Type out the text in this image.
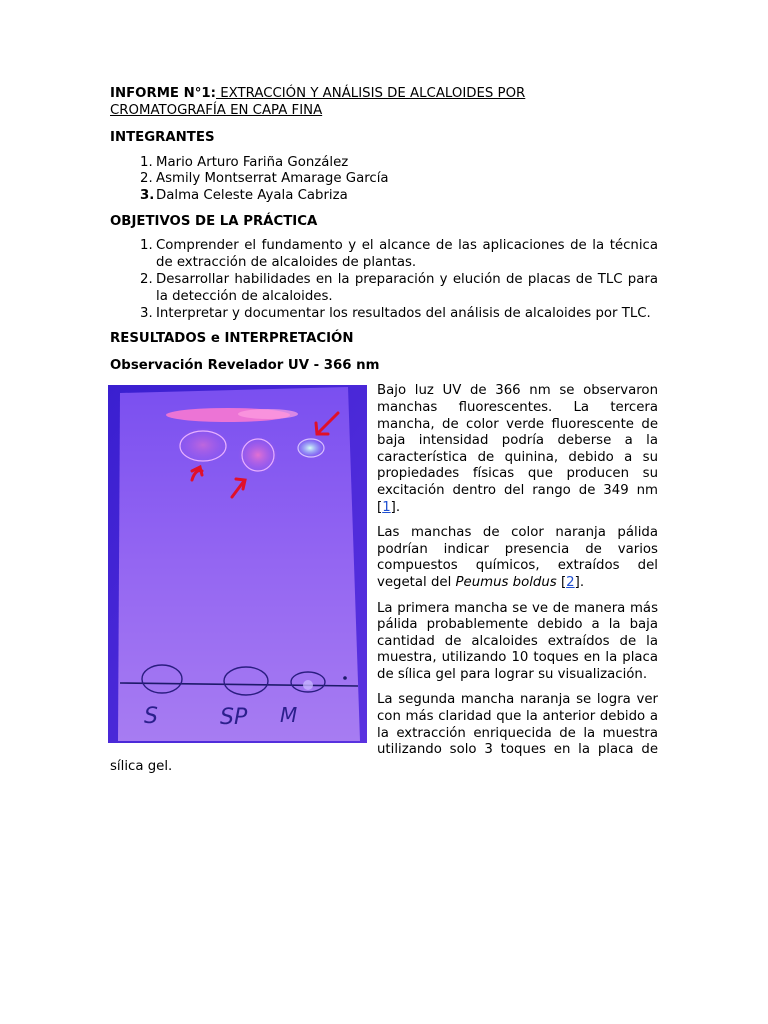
INFORME N°1: EXTRACCIÓN Y ANÁLISIS DE ALCALOIDES POR
CROMATOGRAFÍA EN CAPA FINA

INTEGRANTES
1. Mario Arturo Fariña González
2. Asmily Montserrat Amarage García
3. Dalma Celeste Ayala Cabriza
OBJETIVOS DE LA PRÁCTICA
1. Comprender el fundamento y el alcance de las aplicaciones de la técnica de extracción de alcaloides de plantas.
2. Desarrollar habilidades en la preparación y elución de placas de TLC para la detección de alcaloides.
3. Interpretar y documentar los resultados del análisis de alcaloides por TLC.
RESULTADOS e INTERPRETACIÓN
Observación Revelador UV - 366 nm
S	SP M

Bajo luz UV de 366 nm se observaron manchas fluorescentes. La tercera mancha, de color verde fluorescente de baja intensidad podría deberse a la característica de quinina, debido a su propiedades físicas que producen su excitación dentro del rango de 349 nm [1].

Las manchas de color naranja pálida podrían indicar presencia de varios compuestos químicos, extraídos del vegetal del Peumus boldus [2].

La primera mancha se ve de manera más pálida probablemente debido a la baja cantidad de alcaloides extraídos de la muestra, utilizando 10 toques en la placa de sílica gel para lograr su visualización.

La segunda mancha naranja se logra ver con más claridad que la anterior debido a la extracción enriquecida de la muestra utilizando solo 3 toques en la placa de sílica gel.
